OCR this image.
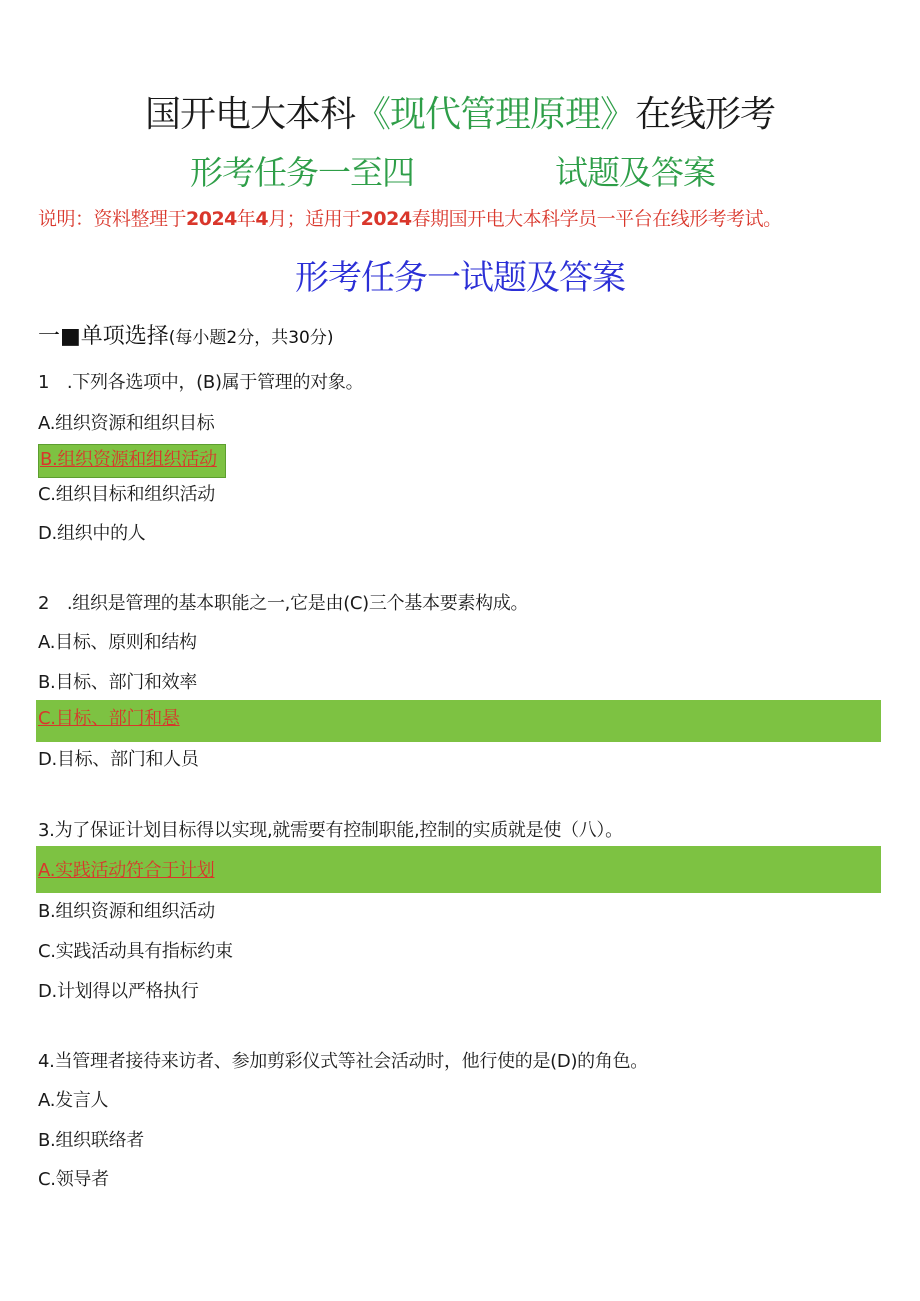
国开电大本科《现代管理原理》在线形考
形考任务一至四	试题及答案
说明：资料整理于2024年4月；适用于2024春期国开电大本科学员一平台在线形考考试。
形考任务一试题及答案
一■单项选择(每小题2分，共30分)
1　.下列各选项中，(B)属于管理的对象。
A.组织资源和组织目标
B.组织资源和组织活动
C.组织目标和组织活动
D.组织中的人
2　.组织是管理的基本职能之一,它是由(C)三个基本要素构成。
A.目标、原则和结构
B.目标、部门和效率
C.目标、部门和悬
D.目标、部门和人员
3.为了保证计划目标得以实现,就需要有控制职能,控制的实质就是使（八）。
A.实践活动符合于计划
B.组织资源和组织活动
C.实践活动具有指标约束
D.计划得以严格执行
4.当管理者接待来访者、参加剪彩仪式等社会活动时，他行使的是(D)的角色。
A.发言人
B.组织联络者
C.领导者
